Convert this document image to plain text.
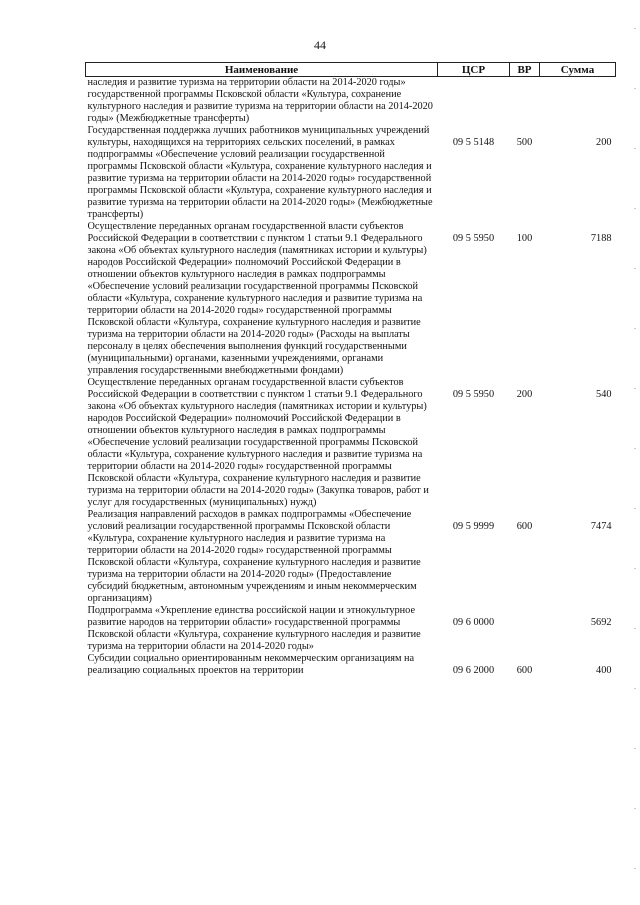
44
Наименование	ЦСР	ВР	Сумма
наследия и развитие туризма на территории области на 2014-2020 годы» государственной программы Псковской области «Культура, сохранение культурного наследия и развитие туризма на территории области на 2014-2020 годы» (Межбюджетные трансферты)			
Государственная поддержка лучших работников муниципальных учреждений культуры, находящихся на территориях сельских поселений, в рамках подпрограммы «Обеспечение условий реализации государственной программы Псковской области «Культура, сохранение культурного наследия и развитие туризма на территории области на 2014-2020 годы» государственной программы Псковской области «Культура, сохранение культурного наследия и развитие туризма на территории области на 2014-2020 годы» (Межбюджетные трансферты)	09 5 5148	500	200
Осуществление переданных органам государственной власти субъектов Российской Федерации в соответствии с пунктом 1 статьи 9.1 Федерального закона «Об объектах культурного наследия (памятниках истории и культуры) народов Российской Федерации» полномочий Российской Федерации в отношении объектов культурного наследия в рамках подпрограммы «Обеспечение условий реализации государственной программы Псковской области «Культура, сохранение культурного наследия и развитие туризма на территории области на 2014-2020 годы» государственной программы Псковской области «Культура, сохранение культурного наследия и развитие туризма на территории области на 2014-2020 годы» (Расходы на выплаты персоналу в целях обеспечения выполнения функций государственными (муниципальными) органами, казенными учреждениями, органами управления государственными внебюджетными фондами)	09 5 5950	100	7188
Осуществление переданных органам государственной власти субъектов Российской Федерации в соответствии с пунктом 1 статьи 9.1 Федерального закона «Об объектах культурного наследия (памятниках истории и культуры) народов Российской Федерации» полномочий Российской Федерации в отношении объектов культурного наследия в рамках подпрограммы «Обеспечение условий реализации государственной программы Псковской области «Культура, сохранение культурного наследия и развитие туризма на территории области на 2014-2020 годы» государственной программы Псковской области «Культура, сохранение культурного наследия и развитие туризма на территории области на 2014-2020 годы» (Закупка товаров, работ и услуг для государственных (муниципальных) нужд)	09 5 5950	200	540
Реализация направлений расходов в рамках подпрограммы «Обеспечение условий реализации государственной программы Псковской области «Культура, сохранение культурного наследия и развитие туризма на территории области на 2014-2020 годы» государственной программы Псковской области «Культура, сохранение культурного наследия и развитие туризма на территории области на 2014-2020 годы» (Предоставление субсидий бюджетным, автономным учреждениям и иным некоммерческим организациям)	09 5 9999	600	7474
Подпрограмма «Укрепление единства российской нации и этнокультурное развитие народов на территории области» государственной программы Псковской области «Культура, сохранение культурного наследия и развитие туризма на территории области на 2014-2020 годы»	09 6 0000		5692
Субсидии социально ориентированным некоммерческим организациям на реализацию социальных проектов на территории	09 6 2000	600	400
